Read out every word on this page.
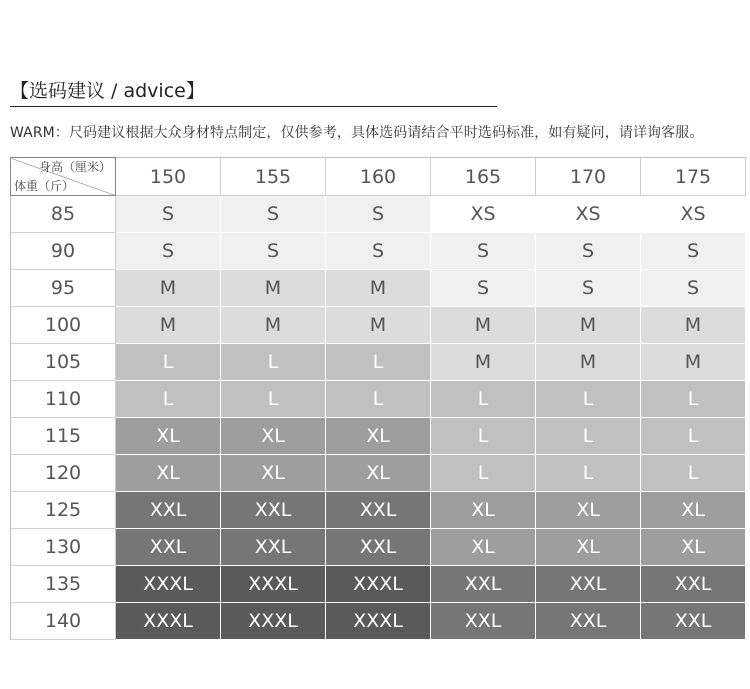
【选码建议 / advice】
WARM：尺码建议根据大众身材特点制定，仅供参考，具体选码请结合平时选码标准，如有疑问，请详询客服。
身高（厘米）
体重（斤）	150	155	160	165	170	175
85	S	S	S	XS	XS	XS
90	S	S	S	S	S	S
95	M	M	M	S	S	S
100	M	M	M	M	M	M
105	L	L	L	M	M	M
110	L	L	L	L	L	L
115	XL	XL	XL	L	L	L
120	XL	XL	XL	L	L	L
125	XXL	XXL	XXL	XL	XL	XL
130	XXL	XXL	XXL	XL	XL	XL
135	XXXL	XXXL	XXXL	XXL	XXL	XXL
140	XXXL	XXXL	XXXL	XXL	XXL	XXL
